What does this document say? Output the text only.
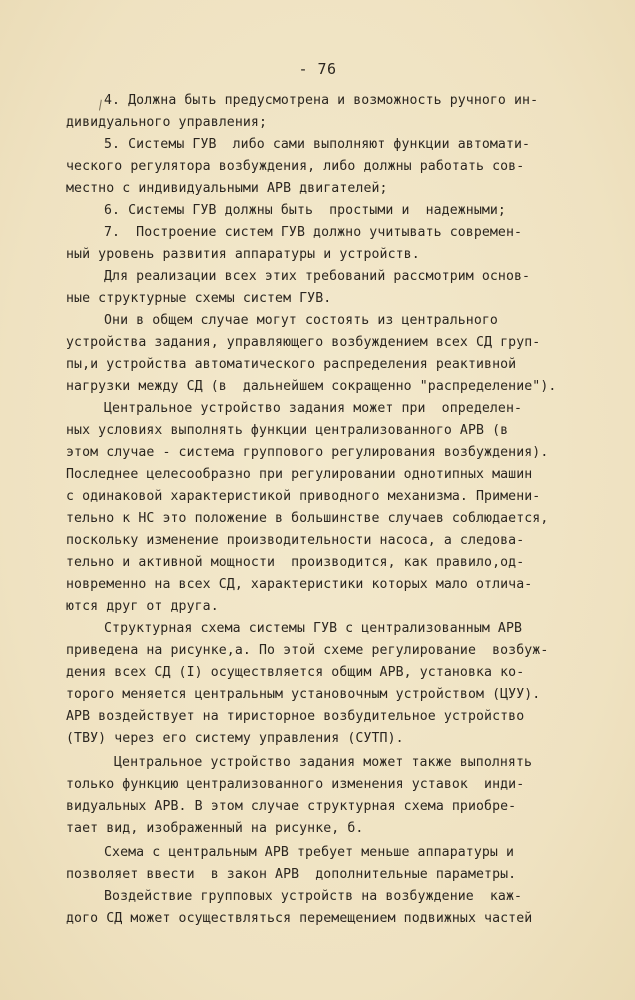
- 76
\
4. Должна быть предусмотрена и возможность ручного ин-
дивидуального управления;
5. Системы ГУВ  либо сами выполняют функции автомати-
ческого регулятора возбуждения, либо должны работать сов-
местно с индивидуальными АРВ двигателей;
6. Системы ГУВ должны быть  простыми и  надежными;
7.  Построение систем ГУВ должно учитывать современ-
ный уровень развития аппаратуры и устройств.
Для реализации всех этих требований рассмотрим основ-
ные структурные схемы систем ГУВ.
Они в общем случае могут состоять из центрального
устройства задания, управляющего возбуждением всех СД груп-
пы,и устройства автоматического распределения реактивной
нагрузки между СД (в  дальнейшем сокращенно "распределение").
Центральное устройство задания может при  определен-
ных условиях выполнять функции централизованного АРВ (в
этом случае - система группового регулирования возбуждения).
Последнее целесообразно при регулировании однотипных машин
с одинаковой характеристикой приводного механизма. Примени-
тельно к НС это положение в большинстве случаев соблюдается,
поскольку изменение производительности насоса, а следова-
тельно и активной мощности  производится, как правило,од-
новременно на всех СД, характеристики которых мало отлича-
ются друг от друга.
Структурная схема системы ГУВ с централизованным АРВ
приведена на рисунке,а. По этой схеме регулирование  возбуж-
дения всех СД (I) осуществляется общим АРВ, установка ко-
торого меняется центральным установочным устройством (ЦУУ).
АРВ воздействует на тиристорное возбудительное устройство
(ТВУ) через его систему управления (СУТП).
Центральное устройство задания может также выполнять
только функцию централизованного изменения уставок  инди-
видуальных АРВ. В этом случае структурная схема приобре-
тает вид, изображенный на рисунке, б.
Схема с центральным АРВ требует меньше аппаратуры и
позволяет ввести  в закон АРВ  дополнительные параметры.
Воздействие групповых устройств на возбуждение  каж-
дого СД может осуществляться перемещением подвижных частей
